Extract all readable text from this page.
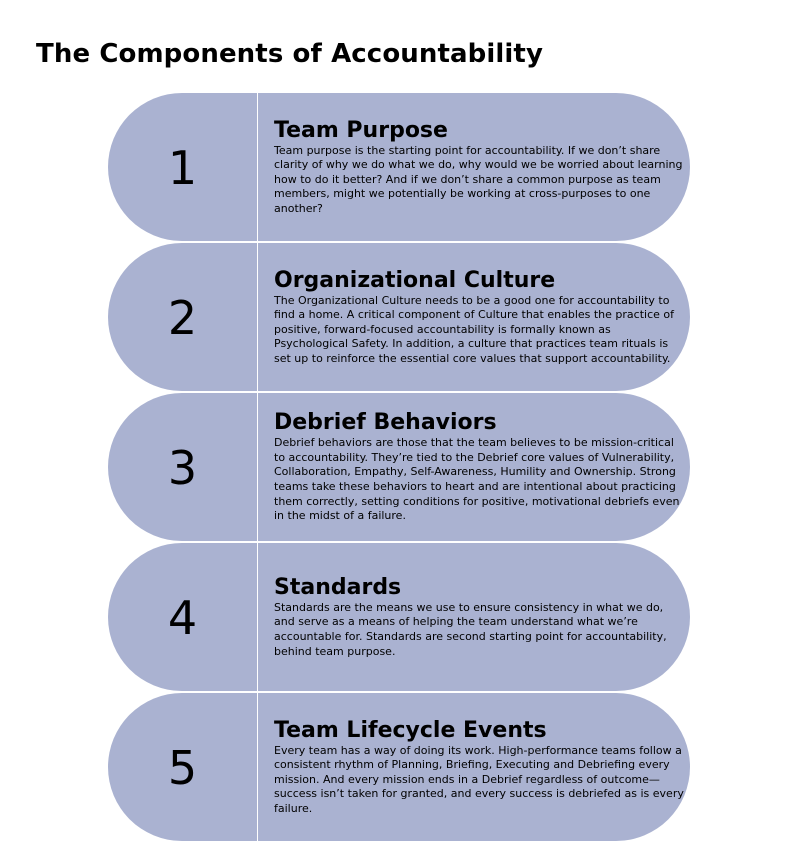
The Components of Accountability
1
Team Purpose

Team purpose is the starting point for accountability. If we don’t share clarity of why we do what we do, why would we be worried about learning how to do it better? And if we don’t share a common purpose as team members, might we potentially be working at cross-purposes to one another?

2
Organizational Culture

The Organizational Culture needs to be a good one for accountability to find a home. A critical component of Culture that enables the practice of positive, forward-focused accountability is formally known as Psychological Safety. In addition, a culture that practices team rituals is set up to reinforce the essential core values that support accountability.

3
Debrief Behaviors

Debrief behaviors are those that the team believes to be mission-critical to accountability. They’re tied to the Debrief core values of Vulnerability, Collaboration, Empathy, Self-Awareness, Humility and Ownership. Strong teams take these behaviors to heart and are intentional about practicing them correctly, setting conditions for positive, motivational debriefs even in the midst of a failure.

4
Standards

Standards are the means we use to ensure consistency in what we do, and serve as a means of helping the team understand what we’re accountable for. Standards are second starting point for accountability, behind team purpose.

5
Team Lifecycle Events

Every team has a way of doing its work. High-performance teams follow a consistent rhythm of Planning, Briefing, Executing and Debriefing every mission. And every mission ends in a Debrief regardless of outcome—success isn’t taken for granted, and every success is debriefed as is every failure.
